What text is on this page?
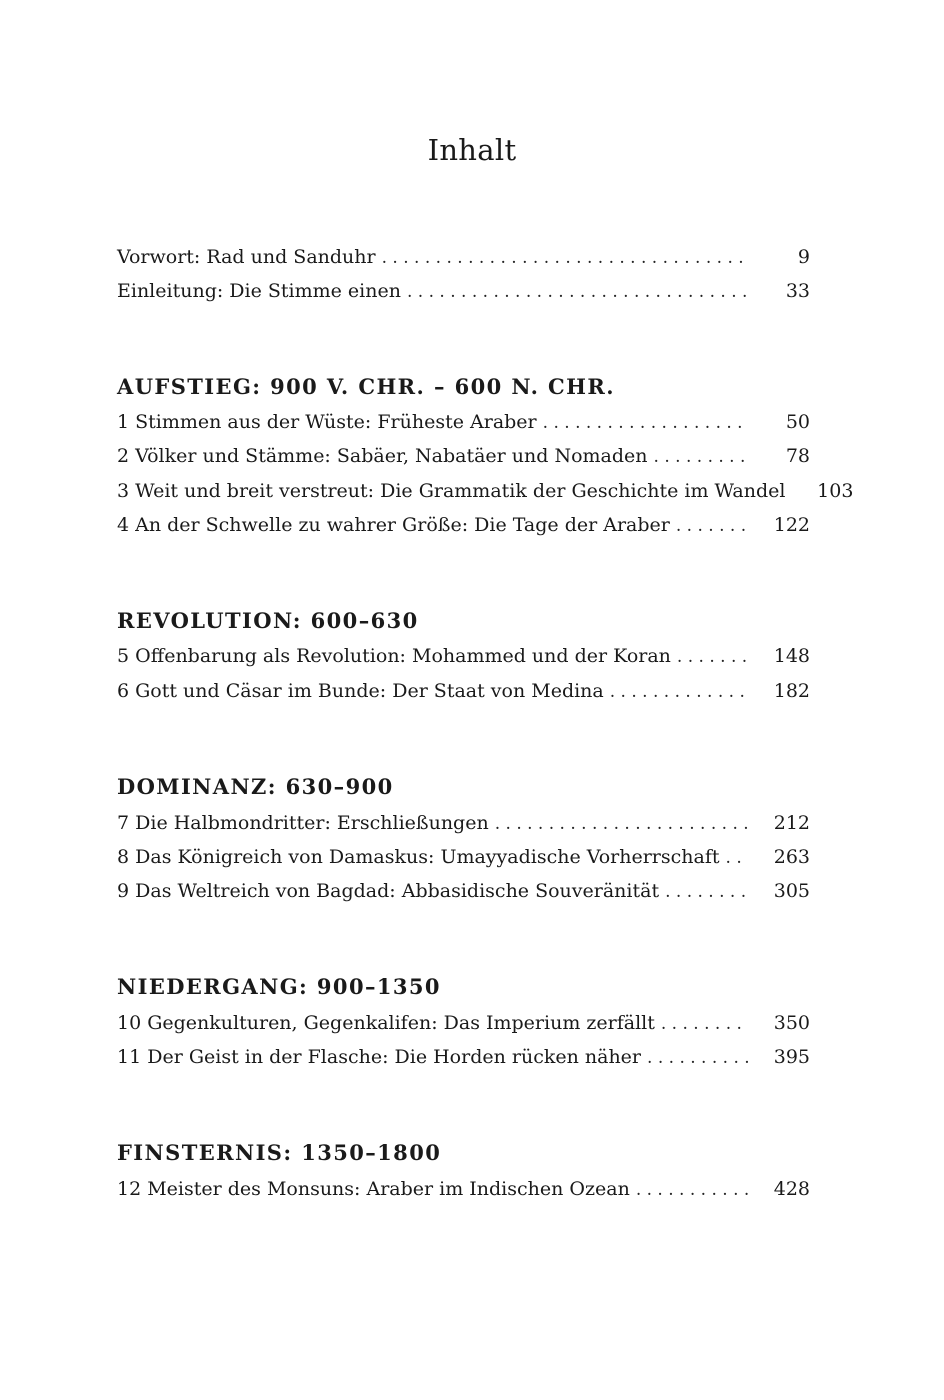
Inhalt
Vorwort: Rad und Sanduhr . . .	9
Einleitung: Die Stimme einen . . .	33
AUFSTIEG: 900 V. CHR. – 600 N. CHR.
1 Stimmen aus der Wüste: Früheste Araber . . .	50
2 Völker und Stämme: Sabäer, Nabatäer und Nomaden . . .	78
3 Weit und breit verstreut: Die Grammatik der Geschichte im Wandel	103
4 An der Schwelle zu wahrer Größe: Die Tage der Araber . . .	122
REVOLUTION: 600–630
5 Offenbarung als Revolution: Mohammed und der Koran . . .	148
6 Gott und Cäsar im Bunde: Der Staat von Medina . . .	182
DOMINANZ: 630–900
7 Die Halbmondritter: Erschließungen . . .	212
8 Das Königreich von Damaskus: Umayyadische Vorherrschaft . . .	263
9 Das Weltreich von Bagdad: Abbasidische Souveränität . . .	305
NIEDERGANG: 900–1350
10 Gegenkulturen, Gegenkalifen: Das Imperium zerfällt . . .	350
11 Der Geist in der Flasche: Die Horden rücken näher . . .	395
FINSTERNIS: 1350–1800
12 Meister des Monsuns: Araber im Indischen Ozean . . .	428
